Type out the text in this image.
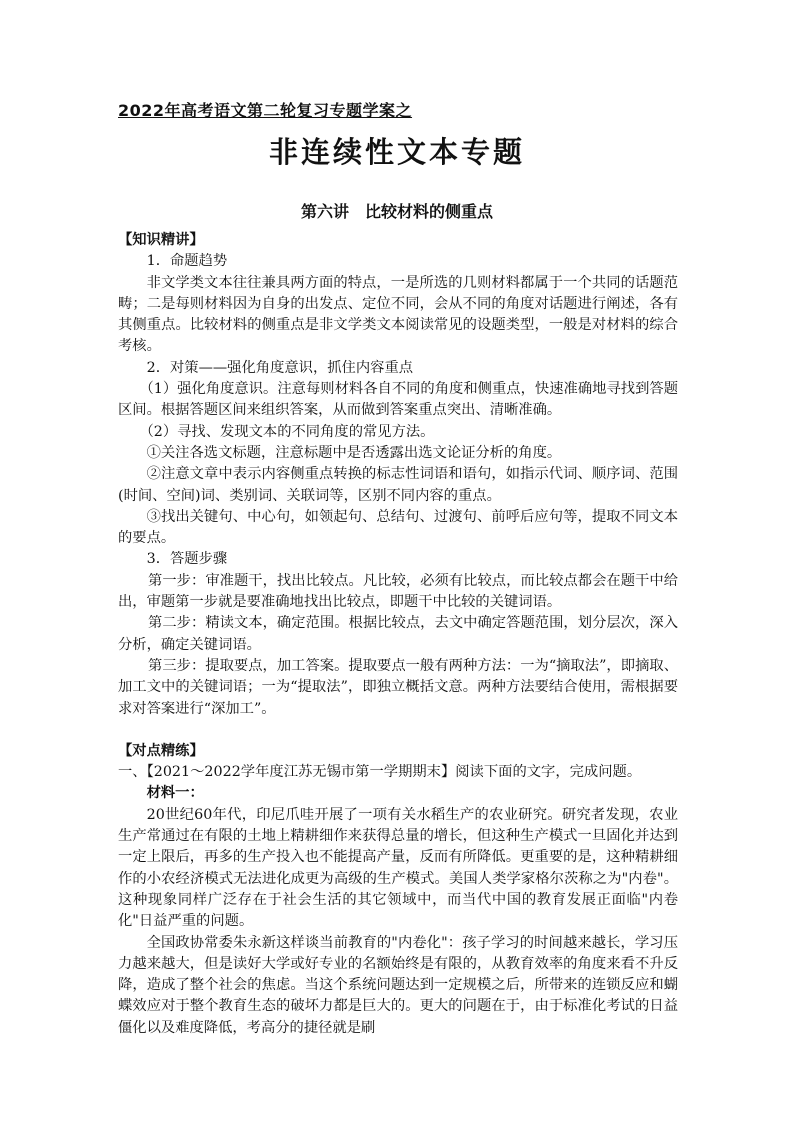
2022年高考语文第二轮复习专题学案之
非连续性文本专题
第六讲　比较材料的侧重点

【知识精讲】

1．命题趋势

非文学类文本往往兼具两方面的特点，一是所选的几则材料都属于一个共同的话题范畴；二是每则材料因为自身的出发点、定位不同，会从不同的角度对话题进行阐述，各有其侧重点。比较材料的侧重点是非文学类文本阅读常见的设题类型，一般是对材料的综合考核。

2．对策——强化角度意识，抓住内容重点

（1）强化角度意识。注意每则材料各自不同的角度和侧重点，快速准确地寻找到答题区间。根据答题区间来组织答案，从而做到答案重点突出、清晰准确。

（2）寻找、发现文本的不同角度的常见方法。

①关注各选文标题，注意标题中是否透露出选文论证分析的角度。

②注意文章中表示内容侧重点转换的标志性词语和语句，如指示代词、顺序词、范围(时间、空间)词、类别词、关联词等，区别不同内容的重点。

③找出关键句、中心句，如领起句、总结句、过渡句、前呼后应句等，提取不同文本的要点。

3．答题步骤

第一步：审准题干，找出比较点。凡比较，必须有比较点，而比较点都会在题干中给出，审题第一步就是要准确地找出比较点，即题干中比较的关键词语。

第二步：精读文本，确定范围。根据比较点，去文中确定答题范围，划分层次，深入分析，确定关键词语。

第三步：提取要点，加工答案。提取要点一般有两种方法：一为“摘取法”，即摘取、加工文中的关键词语；一为“提取法”，即独立概括文意。两种方法要结合使用，需根据要求对答案进行“深加工”。

【对点精练】

一、【2021～2022学年度江苏无锡市第一学期期末】阅读下面的文字，完成问题。

材料一：

20世纪60年代，印尼爪哇开展了一项有关水稻生产的农业研究。研究者发现，农业生产常通过在有限的土地上精耕细作来获得总量的增长，但这种生产模式一旦固化并达到一定上限后，再多的生产投入也不能提高产量，反而有所降低。更重要的是，这种精耕细作的小农经济模式无法进化成更为高级的生产模式。美国人类学家格尔茨称之为"内卷"。这种现象同样广泛存在于社会生活的其它领域中，而当代中国的教育发展正面临"内卷化"日益严重的问题。

全国政协常委朱永新这样谈当前教育的"内卷化"：孩子学习的时间越来越长，学习压力越来越大，但是读好大学或好专业的名额始终是有限的，从教育效率的角度来看不升反降，造成了整个社会的焦虑。当这个系统问题达到一定规模之后，所带来的连锁反应和蝴蝶效应对于整个教育生态的破坏力都是巨大的。更大的问题在于，由于标准化考试的日益僵化以及难度降低，考高分的捷径就是刷
